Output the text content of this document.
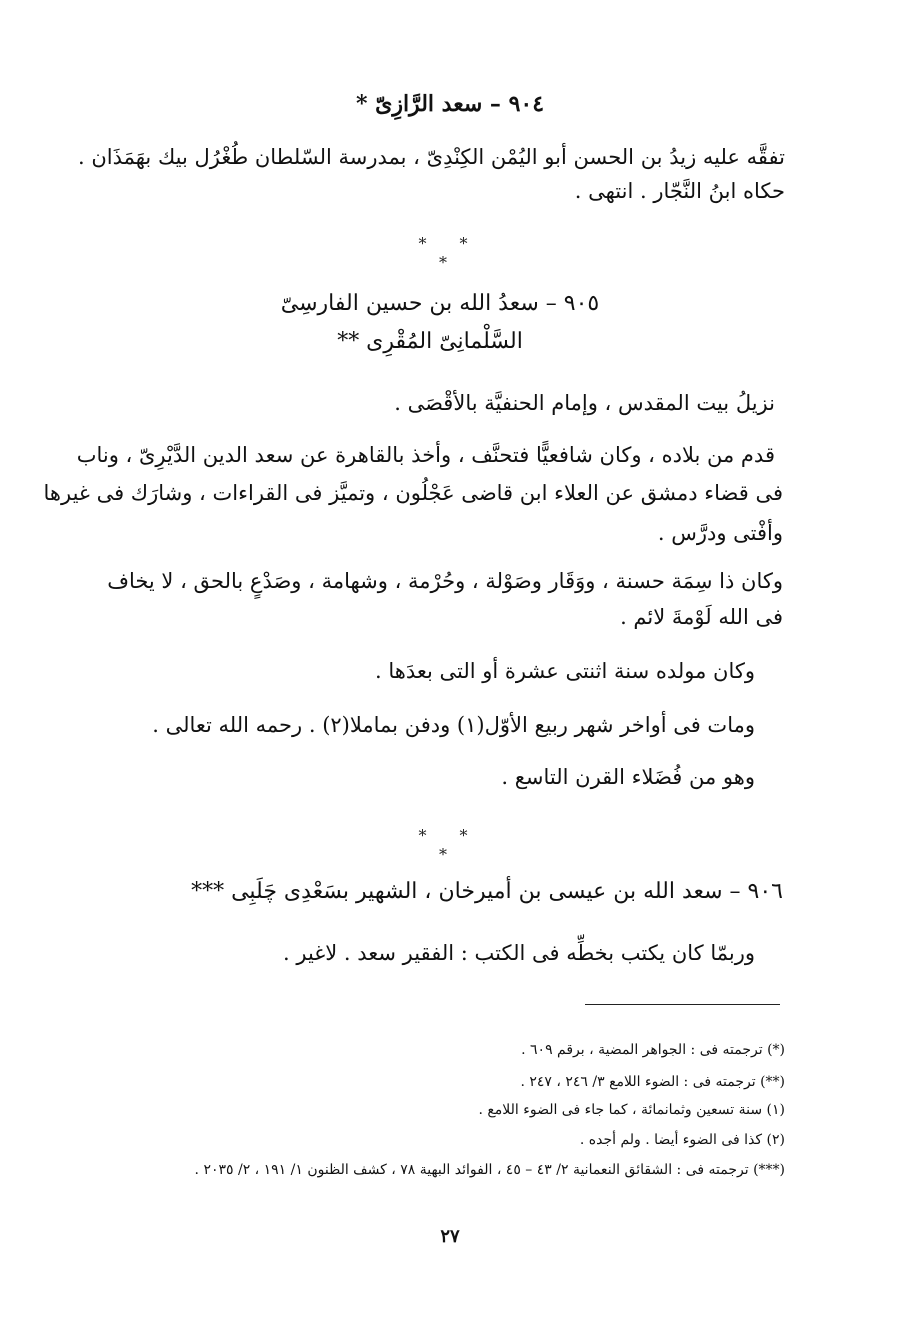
٩٠٤ – سعد الرَّازِىّ *
تفقَّه عليه زيدُ بن الحسن أبو اليُمْن الكِنْدِىّ ، بمدرسة السّلطان طُغْرُل بيك بهَمَذَان .
حكاه ابنُ النَّجّار . انتهى .
* * *
٩٠٥ – سعدُ الله بن حسين الفارسِىّ
السَّلْمانِىّ المُقْرِى **
نزيلُ بيت المقدس ، وإمام الحنفيَّة بالأقْصَى .
قدم من بلاده ، وكان شافعيًّا فتحنَّف ، وأخذ بالقاهرة عن سعد الدين الدَّيْرِىّ ، وناب
فى قضاء دمشق عن العلاء ابن قاضى عَجْلُون ، وتميَّز فى القراءات ، وشارَك فى غيرها
وأفْتى ودرَّس .
وكان ذا سِمَة حسنة ، ووَقَار وصَوْلة ، وحُرْمة ، وشهامة ، وصَدْعٍ بالحق ، لا يخاف
فى الله لَوْمةَ لائم .
وكان مولده سنة اثنتى عشرة أو التى بعدَها .
ومات فى أواخر شهر ربيع الأوّل(١) ودفن بماملا(٢) . رحمه الله تعالى .
وهو من فُضَلاء القرن التاسع .
* * *
٩٠٦ – سعد الله بن عيسى بن أميرخان ، الشهير بسَعْدِى چَلَبِى ***
وربمّا كان يكتب بخطِّه فى الكتب : الفقير سعد . لاغير .
(*) ترجمته فى : الجواهر المضية ، برقم ٦٠٩ .
(**) ترجمته فى : الضوء اللامع ٣/ ٢٤٦ ، ٢٤٧ .
(١) سنة تسعين وثمانمائة ، كما جاء فى الضوء اللامع .
(٢) كذا فى الضوء أيضا . ولم أجده .
(***) ترجمته فى : الشقائق النعمانية ٢/ ٤٣ – ٤٥ ، الفوائد البهية ٧٨ ، كشف الظنون ١/ ١٩١ ، ٢/ ٢٠٣٥ .
٢٧
